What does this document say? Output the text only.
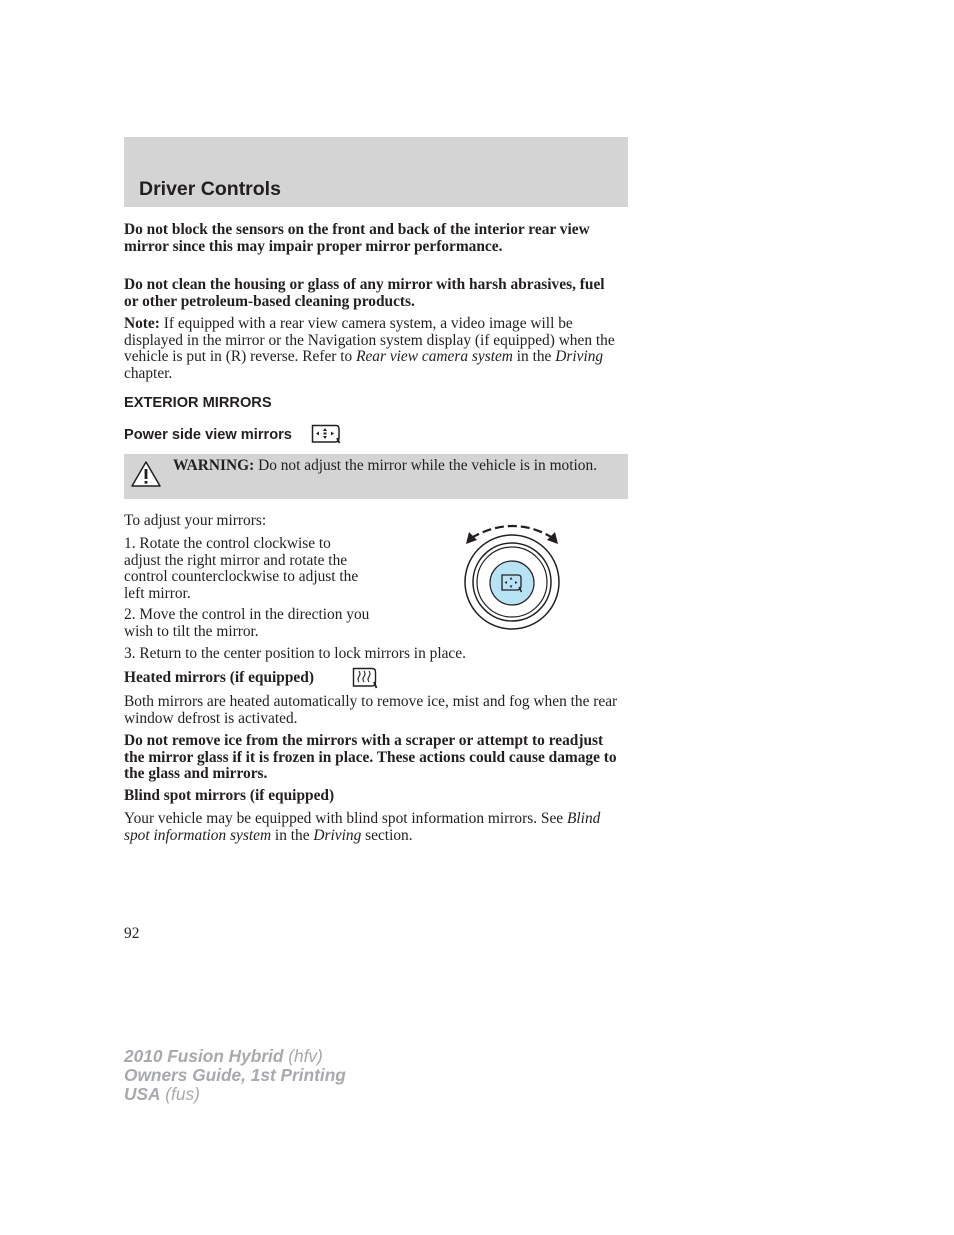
Driver Controls

Do not block the sensors on the front and back of the interior rear view mirror since this may impair proper mirror performance.

Do not clean the housing or glass of any mirror with harsh abrasives, fuel or other petroleum-based cleaning products.

Note: If equipped with a rear view camera system, a video image will be displayed in the mirror or the Navigation system display (if equipped) when the vehicle is put in (R) reverse. Refer to Rear view camera system in the Driving chapter.

EXTERIOR MIRRORS
Power side view mirrors

WARNING: Do not adjust the mirror while the vehicle is in motion.

To adjust your mirrors:

1. Rotate the control clockwise to adjust the right mirror and rotate the control counterclockwise to adjust the left mirror.

2. Move the control in the direction you wish to tilt the mirror.

3. Return to the center position to lock mirrors in place.

Heated mirrors (if equipped)

Both mirrors are heated automatically to remove ice, mist and fog when the rear window defrost is activated.

Do not remove ice from the mirrors with a scraper or attempt to readjust the mirror glass if it is frozen in place. These actions could cause damage to the glass and mirrors.

Blind spot mirrors (if equipped)

Your vehicle may be equipped with blind spot information mirrors. See Blind spot information system in the Driving section.

92
2010 Fusion Hybrid (hfv)
Owners Guide, 1st Printing
USA (fus)
